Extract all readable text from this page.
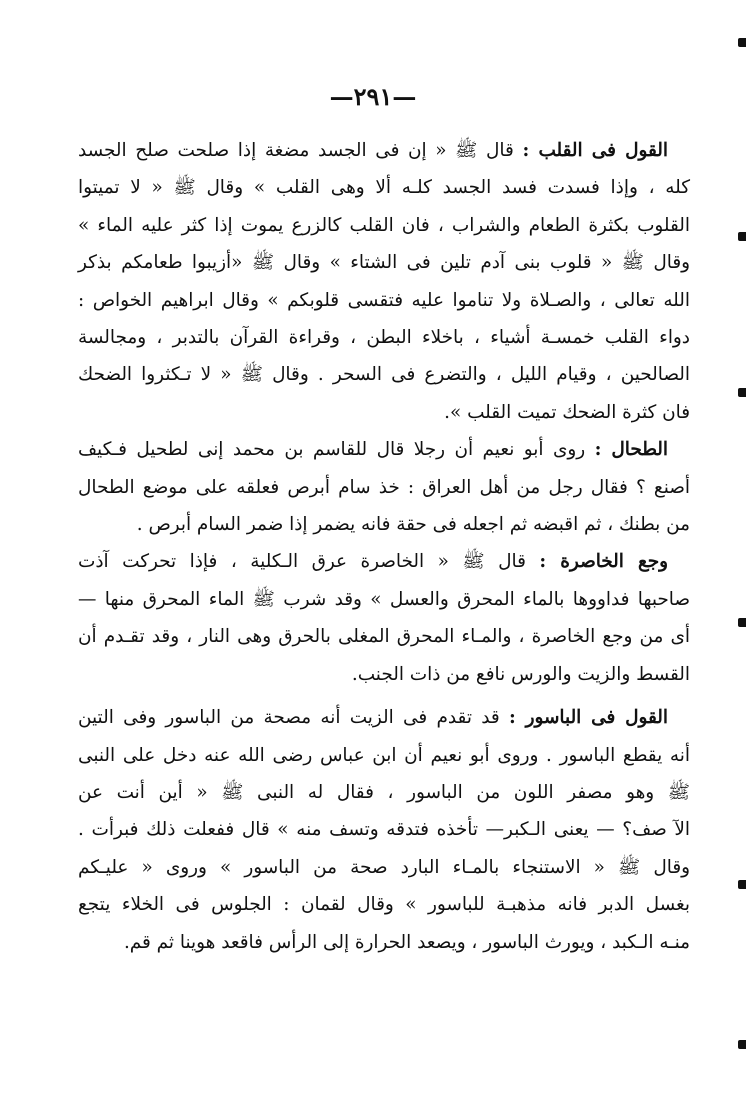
—٢٩١—
القول فى القلب : قال ﷺ « إن فى الجسد مضغة إذا صلحت صلح الجسد
كله ، وإذا فسدت فسد الجسد كلـه ألا وهى القلب » وقال ﷺ « لا تميتوا
القلوب بكثرة الطعام والشراب ، فان القلب كالزرع يموت إذا كثر عليه الماء »
وقال ﷺ « قلوب بنى آدم تلين فى الشتاء » وقال ﷺ «أزيبوا طعامكم بذكر
الله تعالى ، والصـلاة ولا تناموا عليه فتقسى قلوبكم » وقال ابراهيم الخواص :
دواء القلب خمسـة أشياء ، باخلاء البطن ، وقراءة القرآن بالتدبر ، ومجالسة
الصالحين ، وقيام الليل ، والتضرع فى السحر . وقال ﷺ « لا تـكثروا الضحك
فان كثرة الضحك تميت القلب ».
الطحال : روى أبو نعيم أن رجلا قال للقاسم بن محمد إنى لطحيل فـكيف
أصنع ؟ فقال رجل من أهل العراق : خذ سام أبرص فعلقه على موضع الطحال
من بطنك ، ثم اقبضه ثم اجعله فى حقة فانه يضمر إذا ضمر السام أبرص .
وجع الخاصرة : قال ﷺ « الخاصرة عرق الـكلية ، فإذا تحركت آذت
صاحبها فداووها بالماء المحرق والعسل » وقد شرب ﷺ الماء المحرق منها —
أى من وجع الخاصرة ، والمـاء المحرق المغلى بالحرق وهى النار ، وقد تقـدم أن
القسط والزيت والورس نافع من ذات الجنب.
القول فى الباسور : قد تقدم فى الزيت أنه مصحة من الباسور وفى التين
أنه يقطع الباسور . وروى أبو نعيم أن ابن عباس رضى الله عنه دخل على النبى
ﷺ وهو مصفر اللون من الباسور ، فقال له النبى ﷺ « أين أنت عن
الآ صف؟ — يعنى الـكبر— تأخذه فتدقه وتسف منه » قال ففعلت ذلك فبرأت .
وقال ﷺ « الاستنجاء بالمـاء البارد صحة من الباسور » وروى « عليـكم
بغسل الدبر فانه مذهبـة للباسور » وقال لقمان : الجلوس فى الخلاء يتجع
منـه الـكبد ، ويورث الباسور ، ويصعد الحرارة إلى الرأس فاقعد هوينا ثم قم.
